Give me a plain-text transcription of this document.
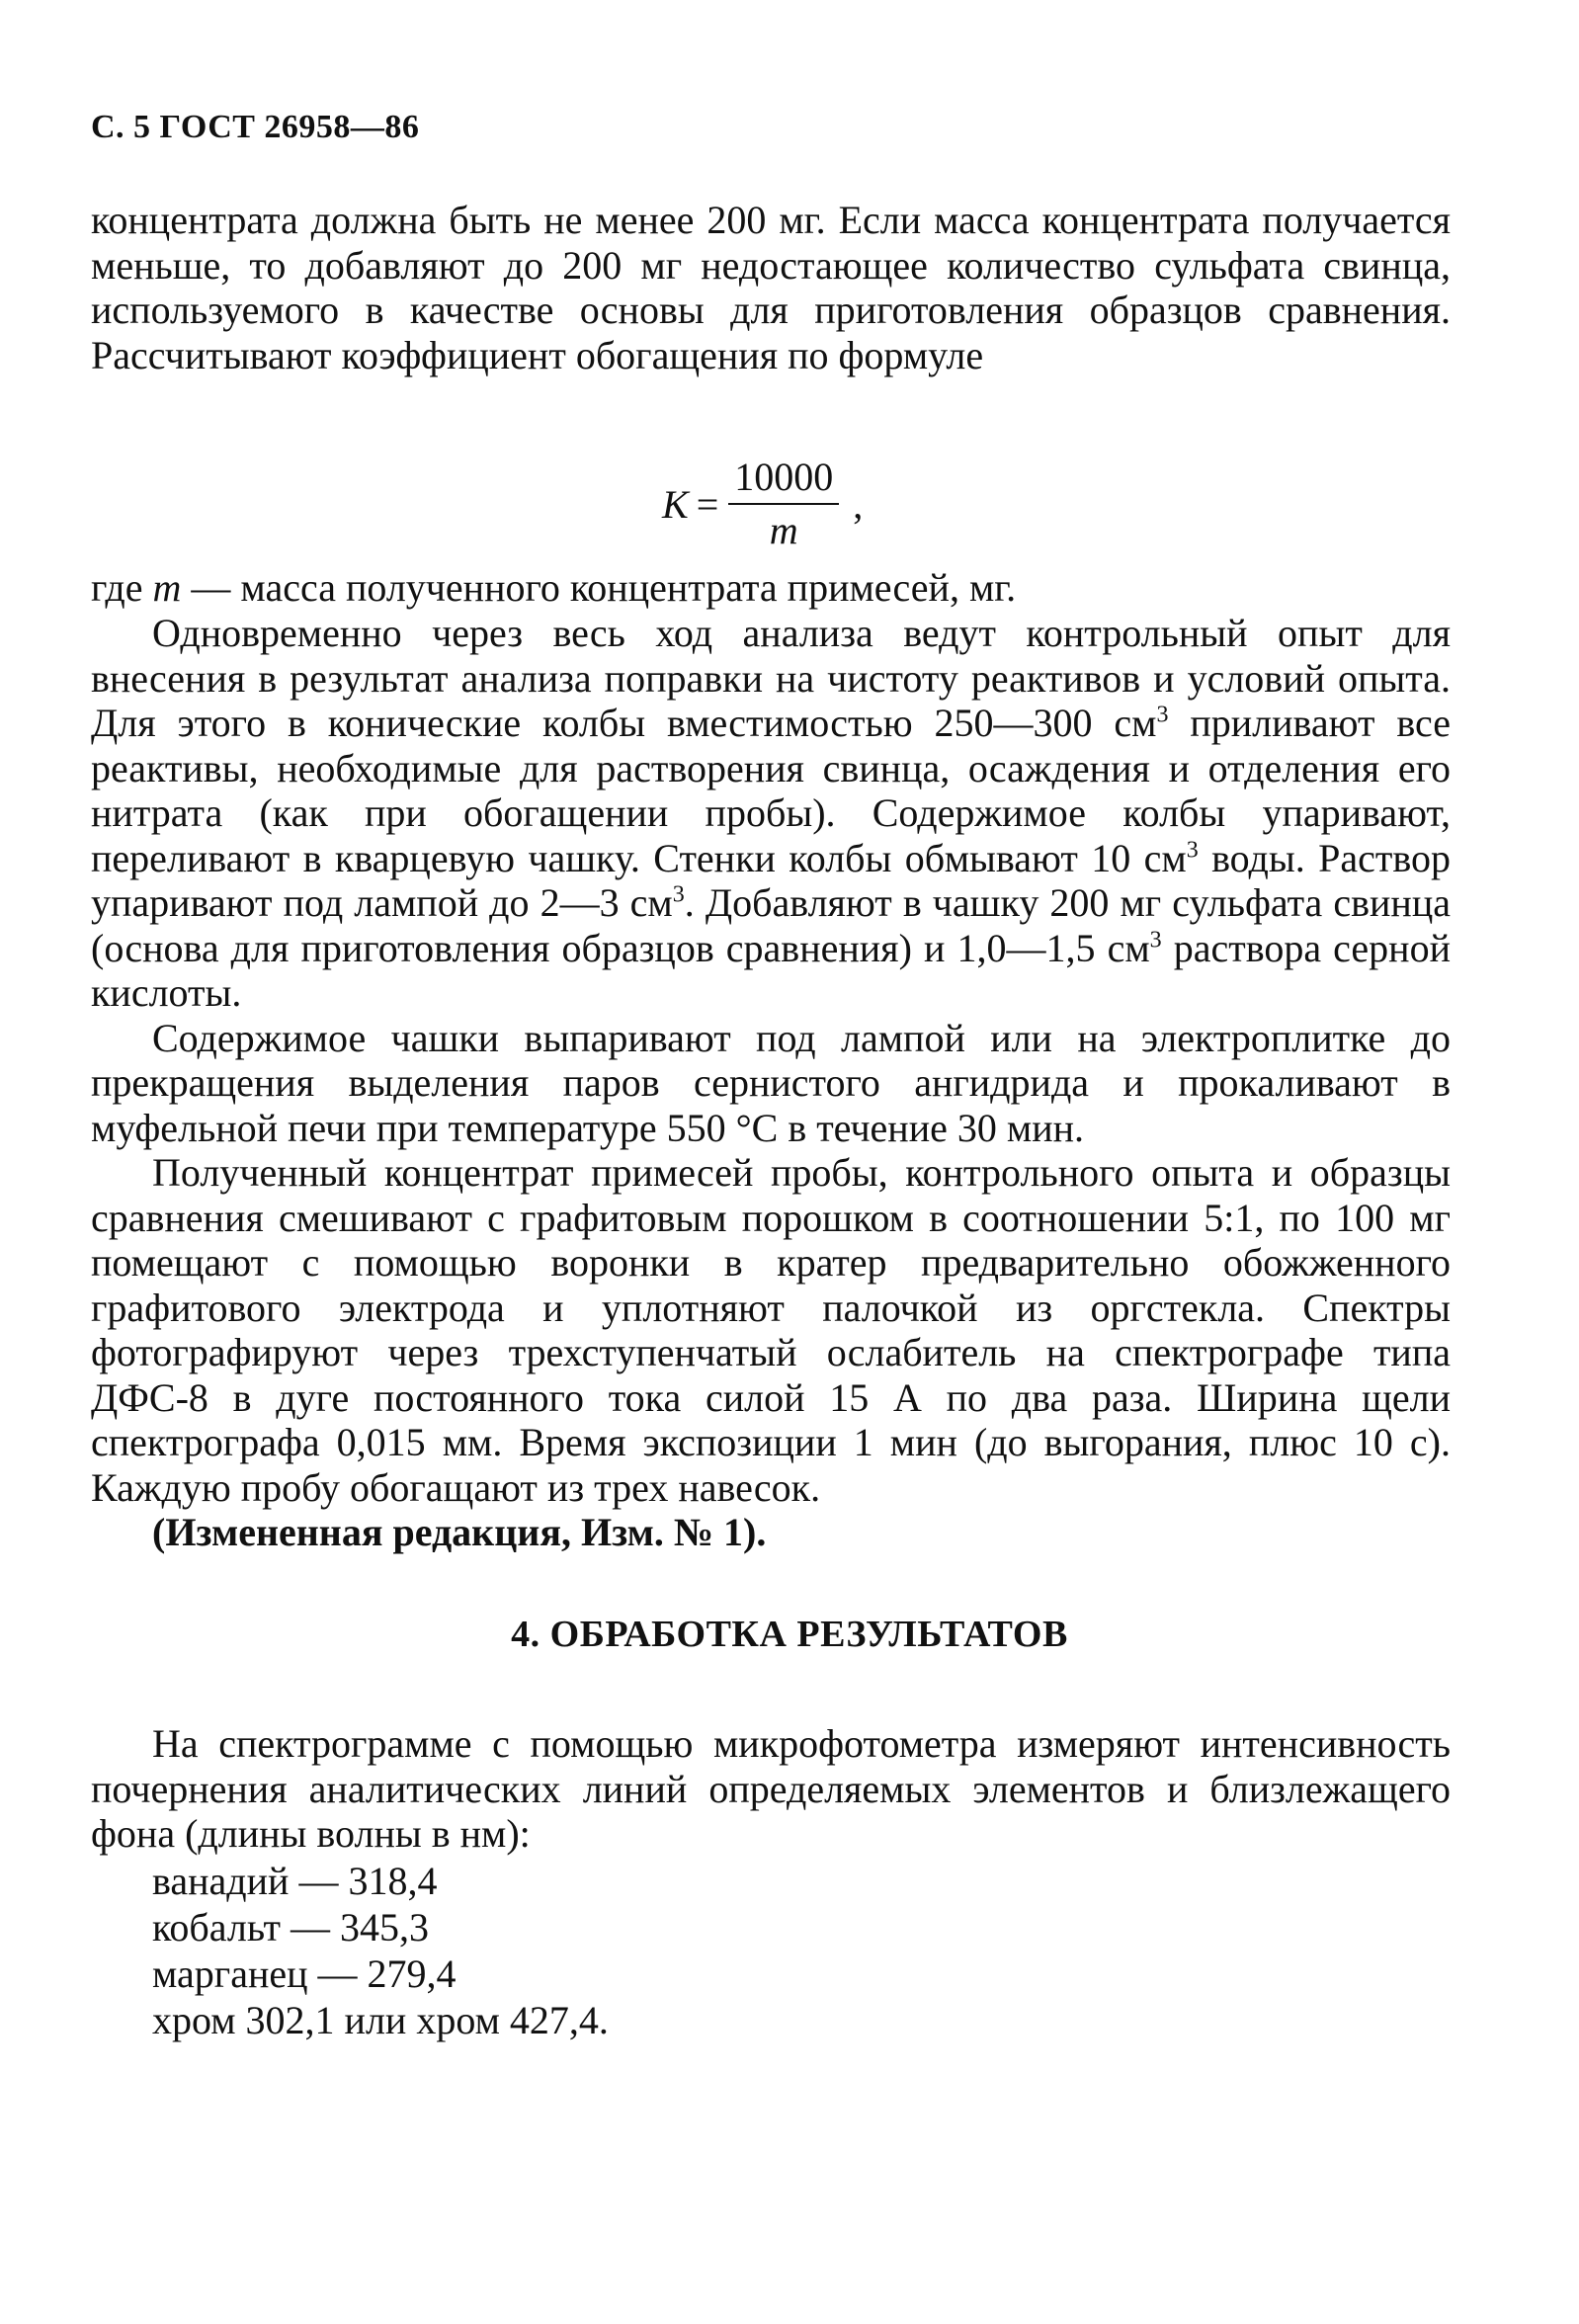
С. 5 ГОСТ 26958—86

концентрата должна быть не менее 200 мг. Если масса концентрата получается меньше, то добавляют до 200 мг недостающее количество сульфата свинца, используемого в качестве основы для приготовления образцов сравнения. Рассчитывают коэффициент обогащения по формуле

$K = \frac{10000}{m}$ ,

где m — масса полученного концентрата примесей, мг.

Одновременно через весь ход анализа ведут контрольный опыт для внесения в результат анализа поправки на чистоту реактивов и условий опыта. Для этого в конические колбы вместимостью 250—300 $см^3$ приливают все реактивы, необходимые для растворения свинца, осаждения и отделения его нитрата (как при обогащении пробы). Содержимое колбы упаривают, переливают в кварцевую чашку. Стенки колбы обмывают 10 $см^3$ воды. Раствор упаривают под лампой до 2—3 $см^3$. Добавляют в чашку 200 мг сульфата свинца (основа для приготовления образцов сравнения) и 1,0—1,5 $см^3$ раствора серной кислоты.

Содержимое чашки выпаривают под лампой или на электроплитке до прекращения выделения паров сернистого ангидрида и прокаливают в муфельной печи при температуре 550 °C в течение 30 мин.

Полученный концентрат примесей пробы, контрольного опыта и образцы сравнения смешивают с графитовым порошком в соотношении 5:1, по 100 мг помещают с помощью воронки в кратер предварительно обожженного графитового электрода и уплотняют палочкой из оргстекла. Спектры фотографируют через трехступенчатый ослабитель на спектрографе типа ДФС-8 в дуге постоянного тока силой 15 А по два раза. Ширина щели спектрографа 0,015 мм. Время экспозиции 1 мин (до выгорания, плюс 10 с). Каждую пробу обогащают из трех навесок.

(Измененная редакция, Изм. № 1).

4. ОБРАБОТКА РЕЗУЛЬТАТОВ

На спектрограмме с помощью микрофотометра измеряют интенсивность почернения аналитических линий определяемых элементов и близлежащего фона (длины волны в нм):

ванадий — 318,4
кобальт — 345,3
марганец — 279,4
хром 302,1 или хром 427,4.
